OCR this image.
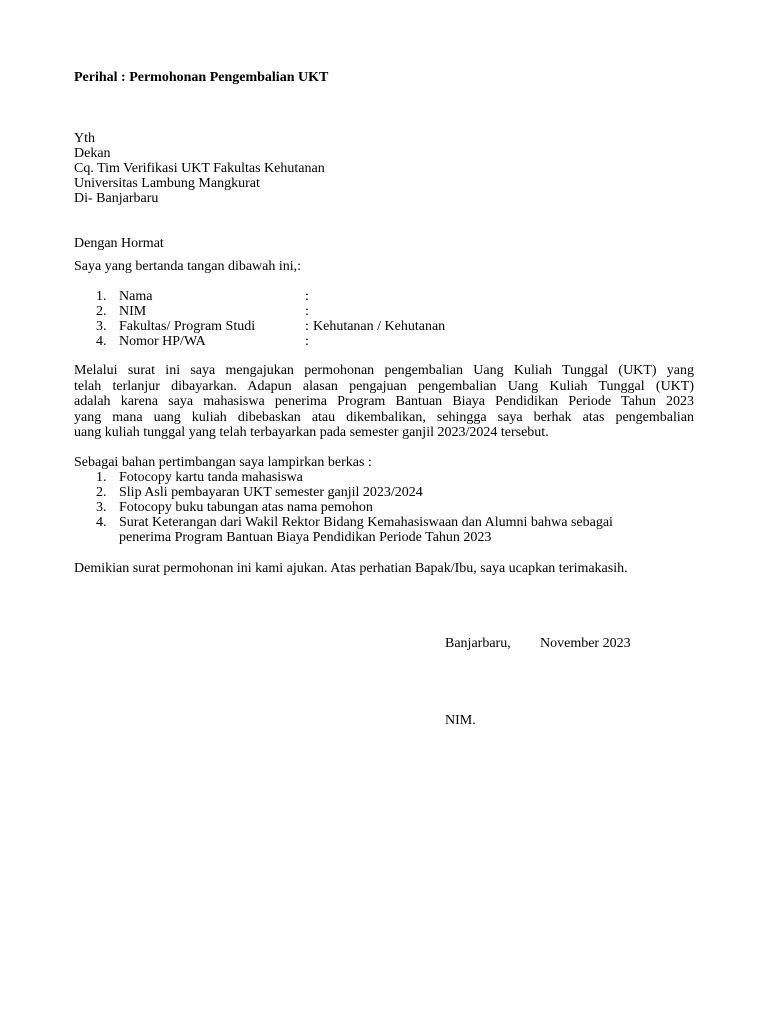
Perihal : Permohonan Pengembalian UKT
Yth
Dekan
Cq. Tim Verifikasi UKT Fakultas Kehutanan
Universitas Lambung Mangkurat
Di- Banjarbaru
Dengan Hormat
Saya yang bertanda tangan dibawah ini,:
1. Nama	:
2. NIM	:
3. Fakultas/ Program Studi	: Kehutanan / Kehutanan
4. Nomor HP/WA	:
Melalui surat ini saya mengajukan permohonan pengembalian Uang Kuliah Tunggal (UKT) yang
telah terlanjur dibayarkan. Adapun alasan pengajuan pengembalian Uang Kuliah Tunggal (UKT)
adalah karena saya mahasiswa penerima Program Bantuan Biaya Pendidikan Periode Tahun 2023
yang mana uang kuliah dibebaskan atau dikembalikan, sehingga saya berhak atas pengembalian
uang kuliah tunggal yang telah terbayarkan pada semester ganjil 2023/2024 tersebut.
Sebagai bahan pertimbangan saya lampirkan berkas :
1. Fotocopy kartu tanda mahasiswa
2. Slip Asli pembayaran UKT semester ganjil 2023/2024
3. Fotocopy buku tabungan atas nama pemohon
4. Surat Keterangan dari Wakil Rektor Bidang Kemahasiswaan dan Alumni bahwa sebagai
penerima Program Bantuan Biaya Pendidikan Periode Tahun 2023
Demikian surat permohonan ini kami ajukan. Atas perhatian Bapak/Ibu, saya ucapkan terimakasih.
Banjarbaru, November 2023
NIM.
